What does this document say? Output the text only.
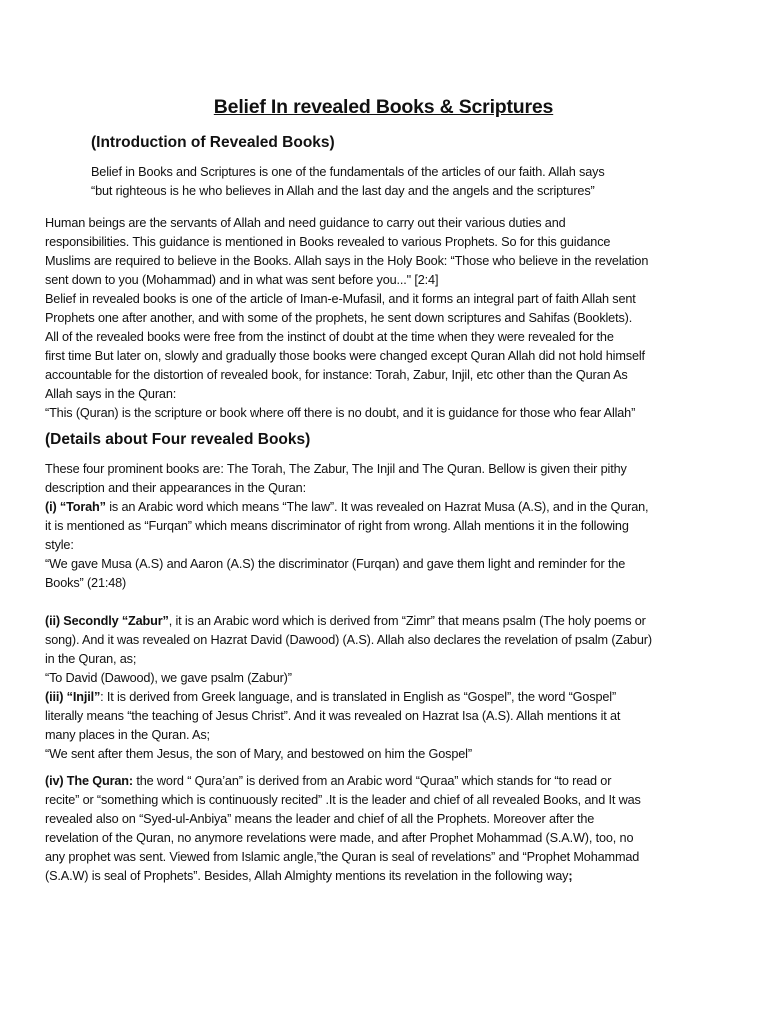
Belief In revealed Books & Scriptures
(Introduction of Revealed Books)

Belief in Books and Scriptures is one of the fundamentals of the articles of our faith. Allah says
“but righteous is he who believes in Allah and the last day and the angels and the scriptures”

Human beings are the servants of Allah and need guidance to carry out their various duties and
responsibilities. This guidance is mentioned in Books revealed to various Prophets. So for this guidance
Muslims are required to believe in the Books. Allah says in the Holy Book: “Those who believe in the revelation
sent down to you (Mohammad) and in what was sent before you..." [2:4]
Belief in revealed books is one of the article of Iman-e-Mufasil, and it forms an integral part of faith Allah sent
Prophets one after another, and with some of the prophets, he sent down scriptures and Sahifas (Booklets).
All of the revealed books were free from the instinct of doubt at the time when they were revealed for the
first time But later on, slowly and gradually those books were changed except Quran Allah did not hold himself
accountable for the distortion of revealed book, for instance: Torah, Zabur, Injil, etc other than the Quran As
Allah says in the Quran:
“This (Quran) is the scripture or book where off there is no doubt, and it is guidance for those who fear Allah”

(Details about Four revealed Books)

These four prominent books are: The Torah, The Zabur, The Injil and The Quran. Bellow is given their pithy
description and their appearances in the Quran:
(i) “Torah” is an Arabic word which means “The law”. It was revealed on Hazrat Musa (A.S), and in the Quran,
it is mentioned as “Furqan” which means discriminator of right from wrong. Allah mentions it in the following
style:
“We gave Musa (A.S) and Aaron (A.S) the discriminator (Furqan) and gave them light and reminder for the
Books” (21:48)

(ii) Secondly “Zabur”, it is an Arabic word which is derived from “Zimr” that means psalm (The holy poems or
song). And it was revealed on Hazrat David (Dawood) (A.S). Allah also declares the revelation of psalm (Zabur)
in the Quran, as;
“To David (Dawood), we gave psalm (Zabur)”
(iii) “Injil”: It is derived from Greek language, and is translated in English as “Gospel”, the word “Gospel”
literally means “the teaching of Jesus Christ”. And it was revealed on Hazrat Isa (A.S). Allah mentions it at
many places in the Quran. As;
“We sent after them Jesus, the son of Mary, and bestowed on him the Gospel”

(iv) The Quran: the word “ Qura’an” is derived from an Arabic word “Quraa” which stands for “to read or
recite” or “something which is continuously recited” .It is the leader and chief of all revealed Books, and It was
revealed also on “Syed-ul-Anbiya” means the leader and chief of all the Prophets. Moreover after the
revelation of the Quran, no anymore revelations were made, and after Prophet Mohammad (S.A.W), too, no
any prophet was sent. Viewed from Islamic angle,”the Quran is seal of revelations” and “Prophet Mohammad
(S.A.W) is seal of Prophets”. Besides, Allah Almighty mentions its revelation in the following way;
